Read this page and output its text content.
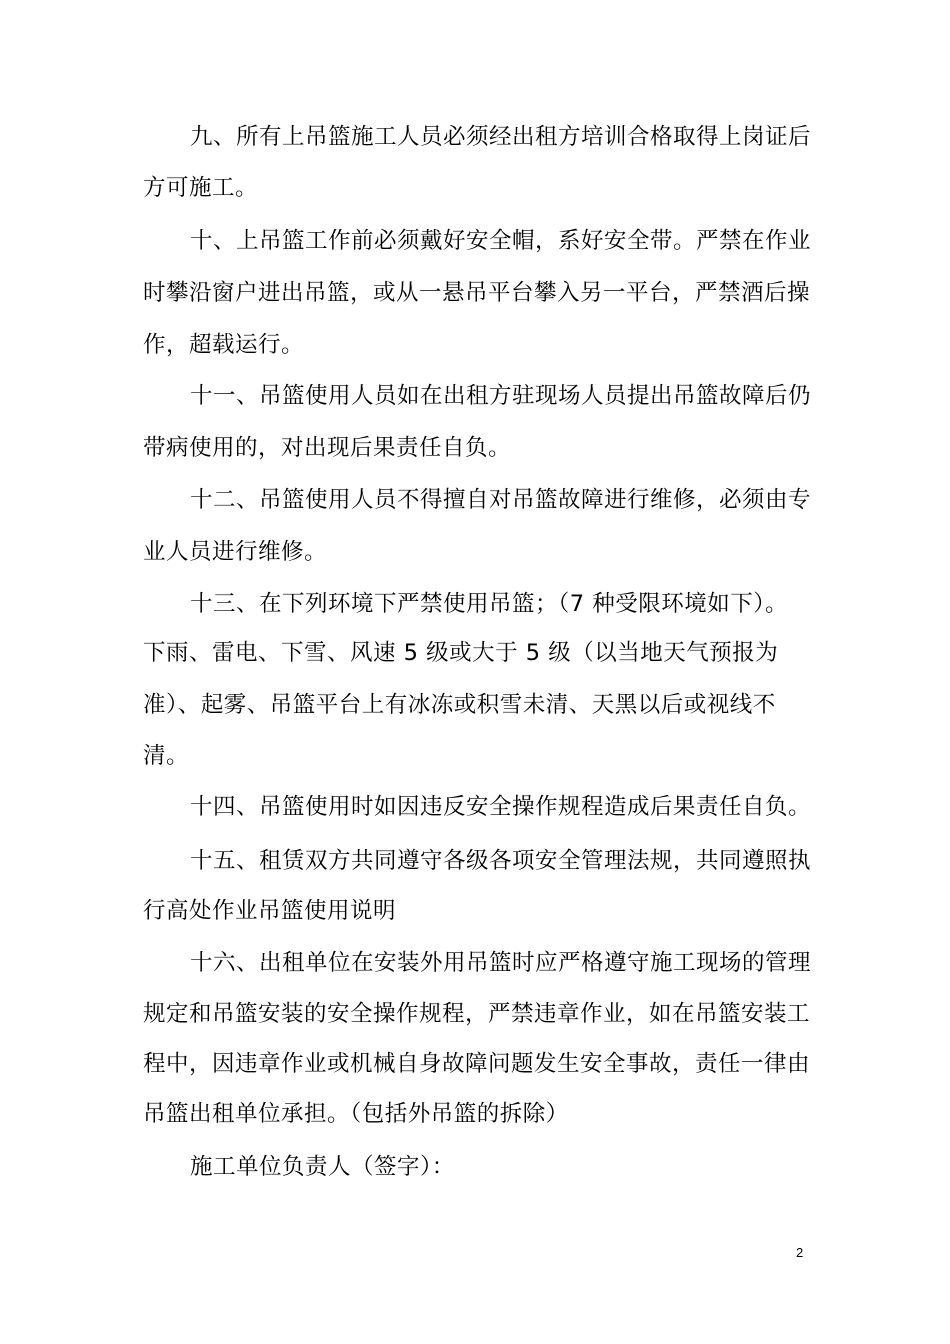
九、所有上吊篮施工人员必须经出租方培训合格取得上岗证后
方可施工。
十、上吊篮工作前必须戴好安全帽，系好安全带。严禁在作业
时攀沿窗户进出吊篮，或从一悬吊平台攀入另一平台，严禁酒后操
作，超载运行。
十一、吊篮使用人员如在出租方驻现场人员提出吊篮故障后仍
带病使用的，对出现后果责任自负。
十二、吊篮使用人员不得擅自对吊篮故障进行维修，必须由专
业人员进行维修。
十三、在下列环境下严禁使用吊篮；（7 种受限环境如下）。
下雨、雷电、下雪、风速 5 级或大于 5 级（以当地天气预报为
准）、起雾、吊篮平台上有冰冻或积雪未清、天黑以后或视线不
清。
十四、吊篮使用时如因违反安全操作规程造成后果责任自负。
十五、租赁双方共同遵守各级各项安全管理法规，共同遵照执
行高处作业吊篮使用说明
十六、出租单位在安装外用吊篮时应严格遵守施工现场的管理
规定和吊篮安装的安全操作规程，严禁违章作业，如在吊篮安装工
程中，因违章作业或机械自身故障问题发生安全事故，责任一律由
吊篮出租单位承担。（包括外吊篮的拆除）
施工单位负责人（签字）：
2
